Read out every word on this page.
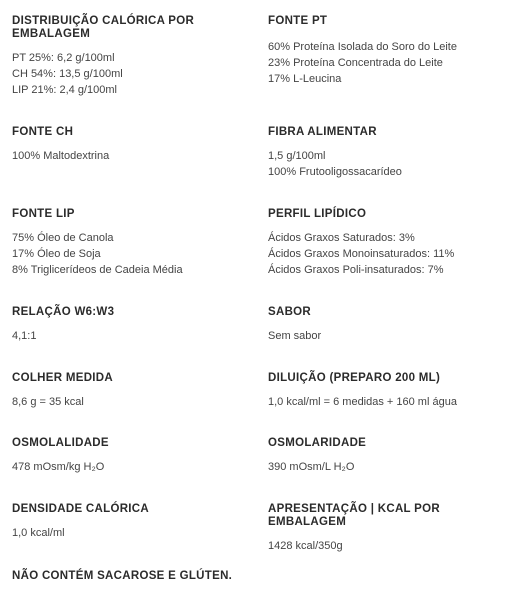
DISTRIBUIÇÃO CALÓRICA POR EMBALAGEM

PT 25%: 6,2 g/100ml

CH 54%: 13,5 g/100ml

LIP 21%: 2,4 g/100ml

FONTE PT

60% Proteína Isolada do Soro do Leite

23% Proteína Concentrada do Leite

17% L-Leucina

FONTE CH

100% Maltodextrina

FIBRA ALIMENTAR

1,5 g/100ml

100% Frutooligossacarídeo

FONTE LIP

75% Óleo de Canola

17% Óleo de Soja

8% Triglicerídeos de Cadeia Média

PERFIL LIPÍDICO

Ácidos Graxos Saturados: 3%

Ácidos Graxos Monoinsaturados: 11%

Ácidos Graxos Poli-insaturados: 7%

RELAÇÃO W6:W3

4,1:1

SABOR

Sem sabor

COLHER MEDIDA

8,6 g = 35 kcal

DILUIÇÃO (PREPARO 200 ML)

1,0 kcal/ml = 6 medidas + 160 ml água

OSMOLALIDADE

478 mOsm/kg H₂O

OSMOLARIDADE

390 mOsm/L H₂O

DENSIDADE CALÓRICA

1,0 kcal/ml

APRESENTAÇÃO | KCAL POR EMBALAGEM

1428 kcal/350g

NÃO CONTÉM SACAROSE E GLÚTEN.
